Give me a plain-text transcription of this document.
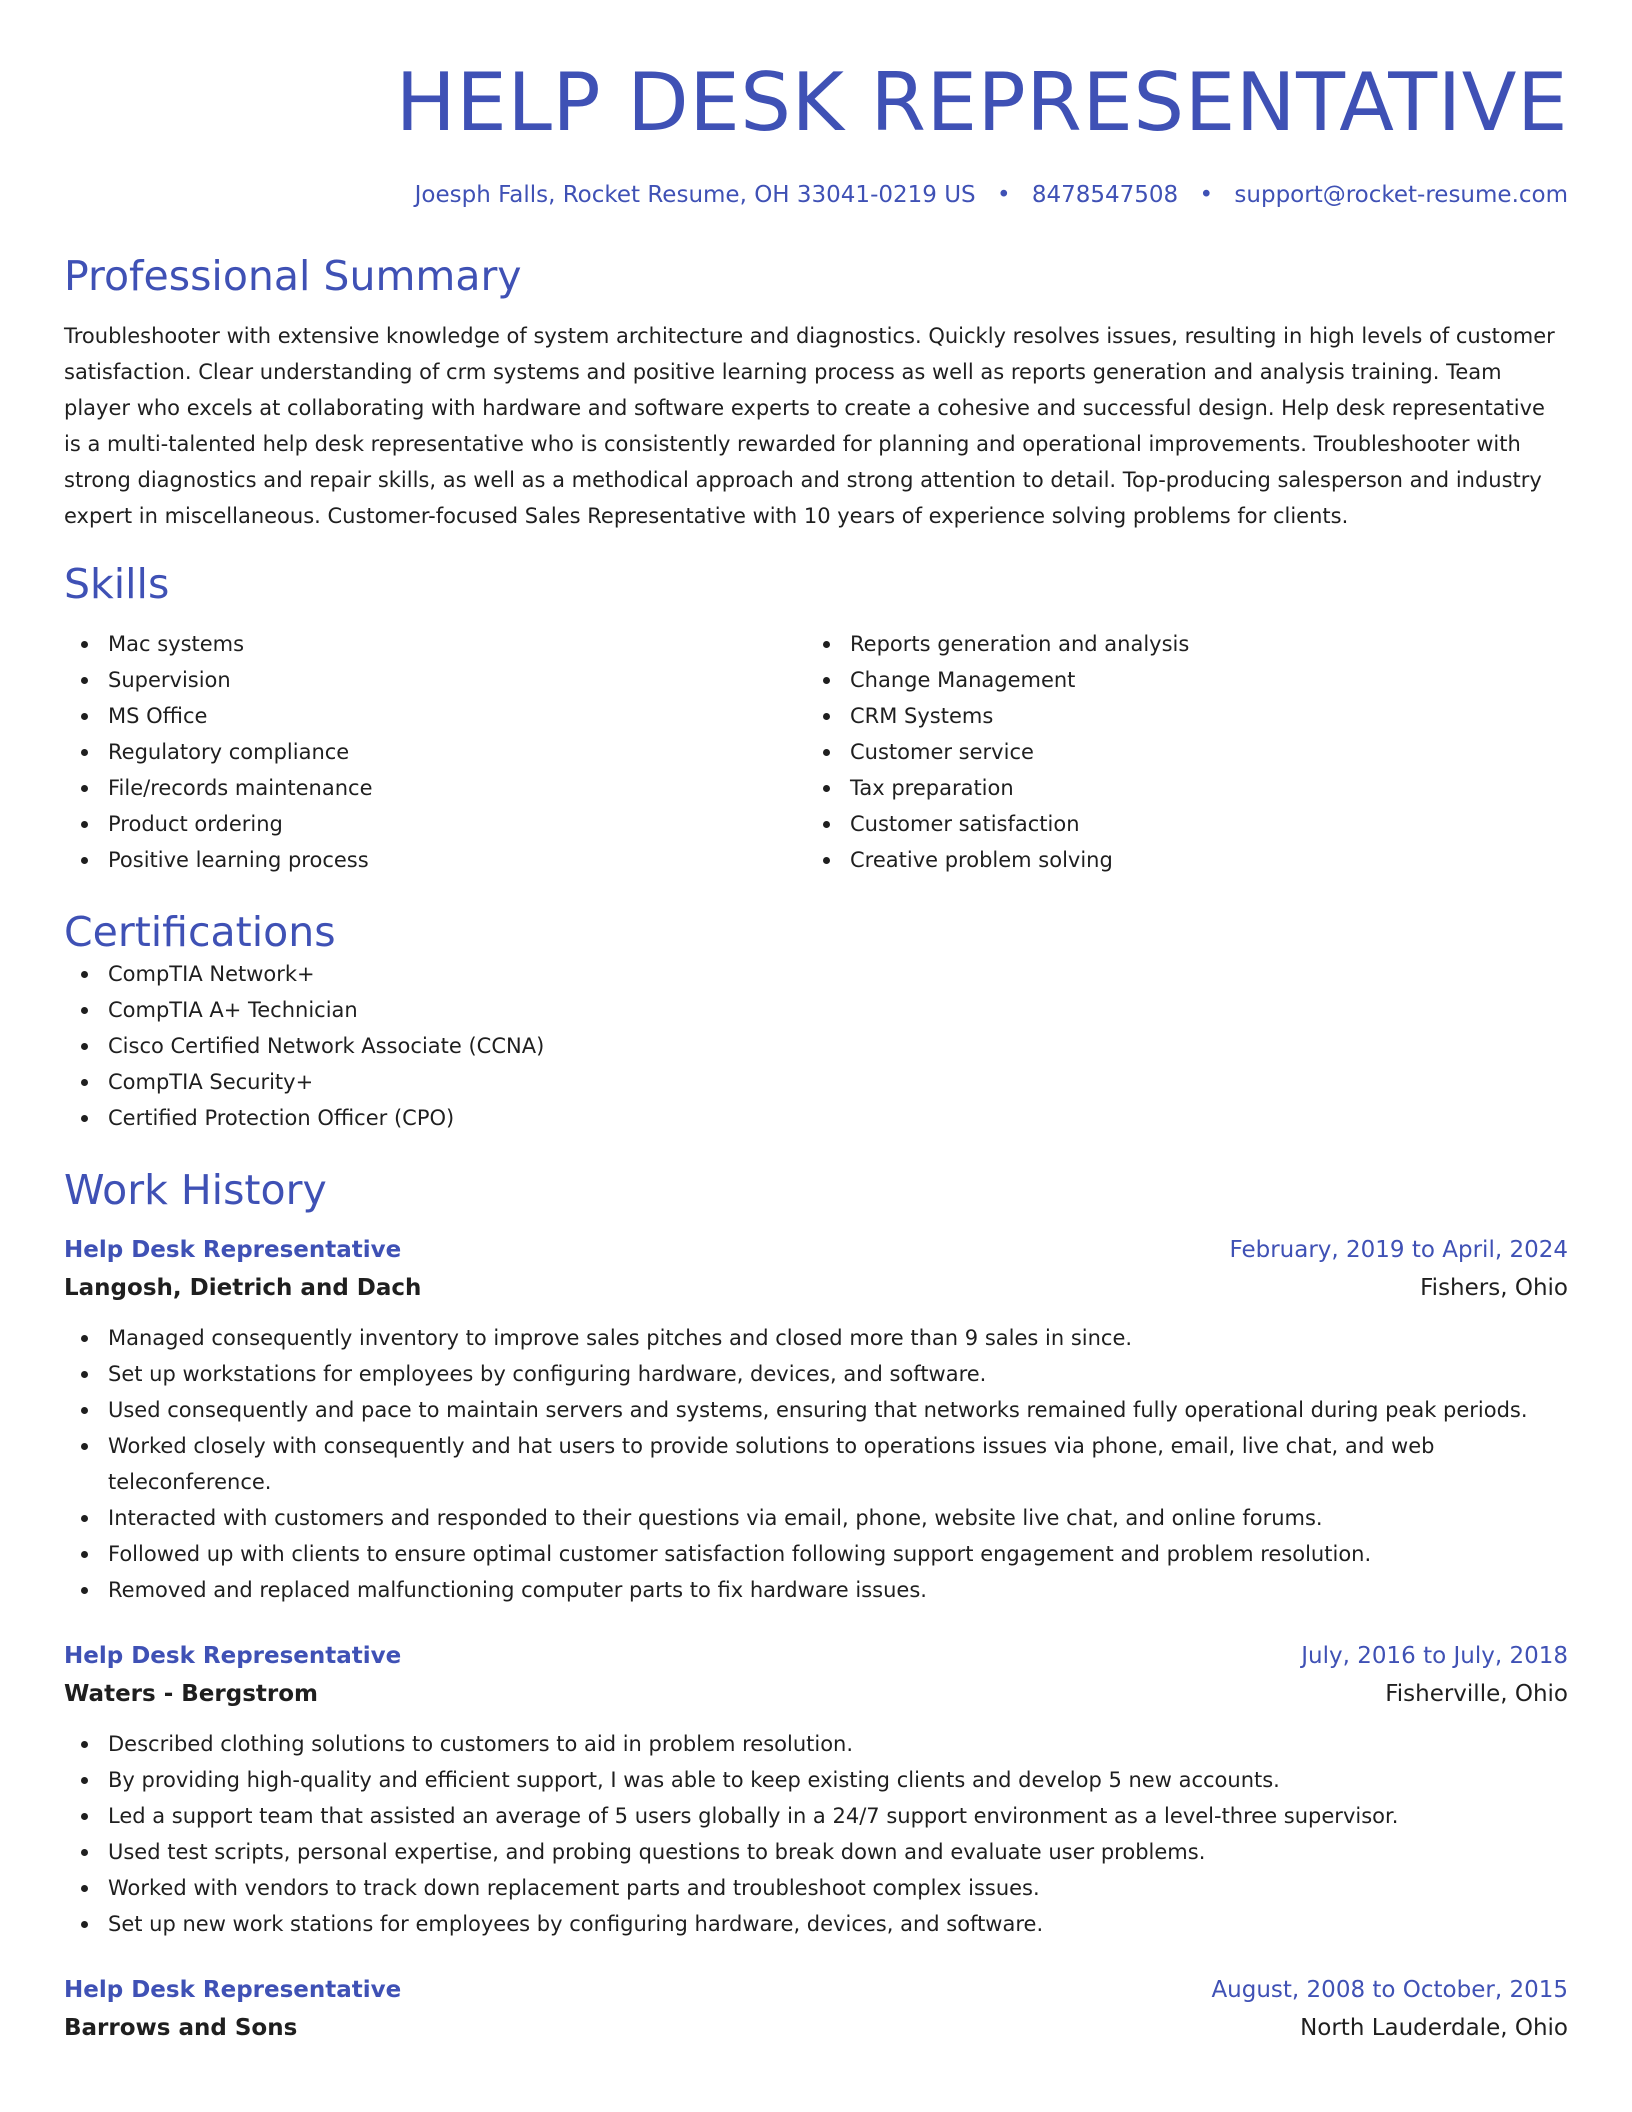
HELP DESK REPRESENTATIVE
Joesph Falls, Rocket Resume, OH 33041-0219 US • 8478547508 • support@rocket-resume.com
Professional Summary

Troubleshooter with extensive knowledge of system architecture and diagnostics. Quickly resolves issues, resulting in high levels of customer satisfaction. Clear understanding of crm systems and positive learning process as well as reports generation and analysis training. Team player who excels at collaborating with hardware and software experts to create a cohesive and successful design. Help desk representative is a multi-talented help desk representative who is consistently rewarded for planning and operational improvements. Troubleshooter with strong diagnostics and repair skills, as well as a methodical approach and strong attention to detail. Top-producing salesperson and industry expert in miscellaneous. Customer-focused Sales Representative with 10 years of experience solving problems for clients.

Skills
Mac systems
Supervision
MS Office
Regulatory compliance
File/records maintenance
Product ordering
Positive learning process
Reports generation and analysis
Change Management
CRM Systems
Customer service
Tax preparation
Customer satisfaction
Creative problem solving
Certifications
CompTIA Network+
CompTIA A+ Technician
Cisco Certified Network Associate (CCNA)
CompTIA Security+
Certified Protection Officer (CPO)
Work History
Help Desk Representative	February, 2019 to April, 2024
Langosh, Dietrich and Dach	Fishers, Ohio
Managed consequently inventory to improve sales pitches and closed more than 9 sales in since.
Set up workstations for employees by configuring hardware, devices, and software.
Used consequently and pace to maintain servers and systems, ensuring that networks remained fully operational during peak periods.
Worked closely with consequently and hat users to provide solutions to operations issues via phone, email, live chat, and web teleconference.
Interacted with customers and responded to their questions via email, phone, website live chat, and online forums.
Followed up with clients to ensure optimal customer satisfaction following support engagement and problem resolution.
Removed and replaced malfunctioning computer parts to fix hardware issues.
Help Desk Representative	July, 2016 to July, 2018
Waters - Bergstrom	Fisherville, Ohio
Described clothing solutions to customers to aid in problem resolution.
By providing high-quality and efficient support, I was able to keep existing clients and develop 5 new accounts.
Led a support team that assisted an average of 5 users globally in a 24/7 support environment as a level-three supervisor.
Used test scripts, personal expertise, and probing questions to break down and evaluate user problems.
Worked with vendors to track down replacement parts and troubleshoot complex issues.
Set up new work stations for employees by configuring hardware, devices, and software.
Help Desk Representative	August, 2008 to October, 2015
Barrows and Sons	North Lauderdale, Ohio
